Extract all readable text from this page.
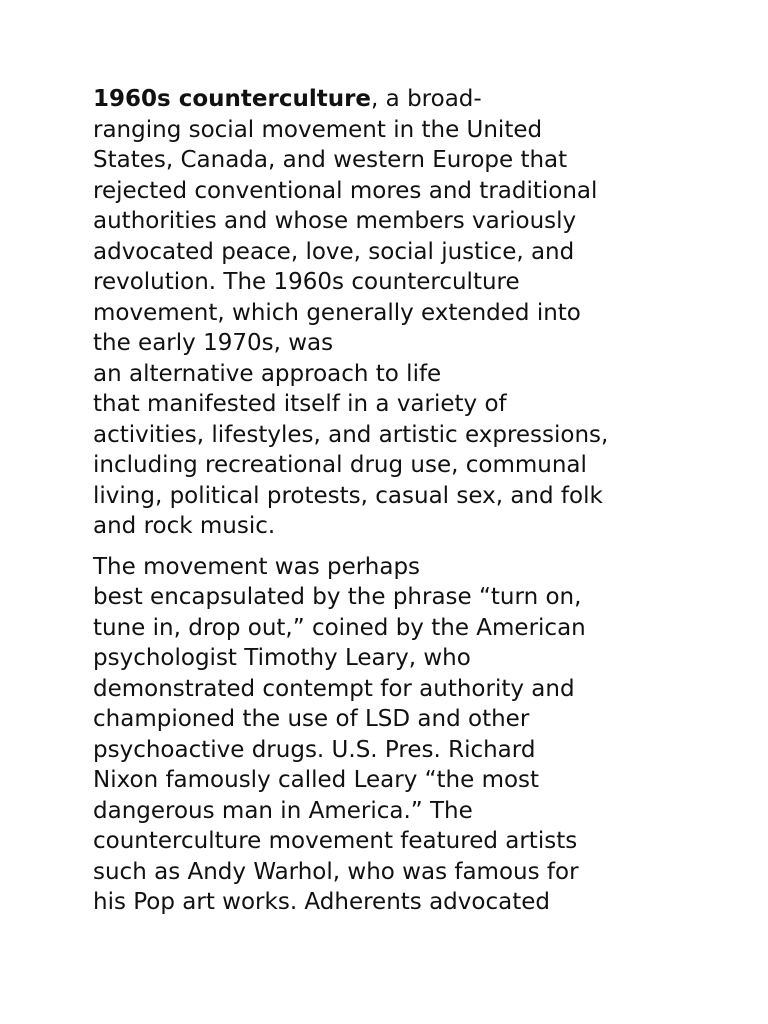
1960s counterculture, a broad-
ranging social movement in the United
States, Canada, and western Europe that
rejected conventional mores and traditional
authorities and whose members variously
advocated peace, love, social justice, and
revolution. The 1960s counterculture
movement, which generally extended into
the early 1970s, was
an alternative approach to life
that manifested itself in a variety of
activities, lifestyles, and artistic expressions,
including recreational drug use, communal
living, political protests, casual sex, and folk
and rock music.

The movement was perhaps
best encapsulated by the phrase “turn on,
tune in, drop out,” coined by the American
psychologist Timothy Leary, who
demonstrated contempt for authority and
championed the use of LSD and other
psychoactive drugs. U.S. Pres. Richard
Nixon famously called Leary “the most
dangerous man in America.” The
counterculture movement featured artists
such as Andy Warhol, who was famous for
his Pop art works. Adherents advocated
